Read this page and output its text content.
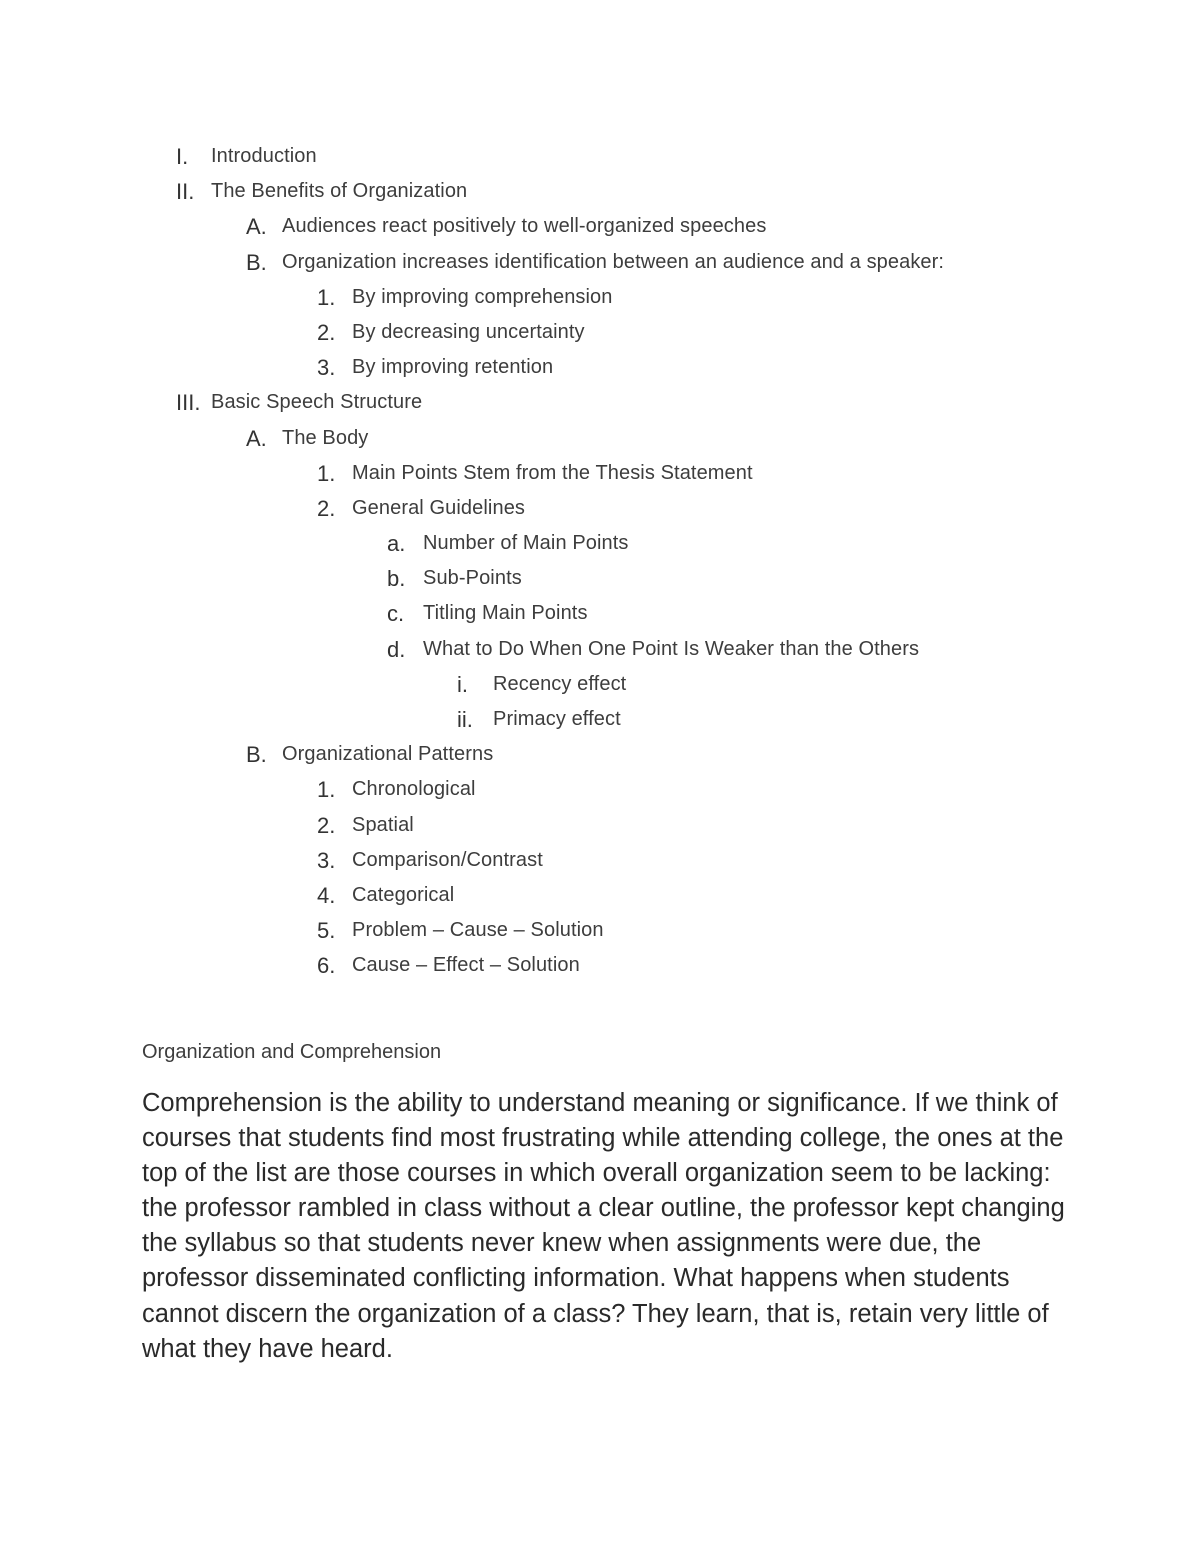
I. Introduction
II. The Benefits of Organization
A. Audiences react positively to well-organized speeches
B. Organization increases identification between an audience and a speaker:
1. By improving comprehension
2. By decreasing uncertainty
3. By improving retention
III. Basic Speech Structure
A. The Body
1. Main Points Stem from the Thesis Statement
2. General Guidelines
a. Number of Main Points
b. Sub-Points
c. Titling Main Points
d. What to Do When One Point Is Weaker than the Others
i. Recency effect
ii. Primacy effect
B. Organizational Patterns
1. Chronological
2. Spatial
3. Comparison/Contrast
4. Categorical
5. Problem – Cause – Solution
6. Cause – Effect – Solution
Organization and Comprehension

Comprehension is the ability to understand meaning or significance. If we think of courses that students find most frustrating while attending college, the ones at the top of the list are those courses in which overall organization seem to be lacking: the professor rambled in class without a clear outline, the professor kept changing the syllabus so that students never knew when assignments were due, the professor disseminated conflicting information. What happens when students cannot discern the organization of a class? They learn, that is, retain very little of what they have heard.
